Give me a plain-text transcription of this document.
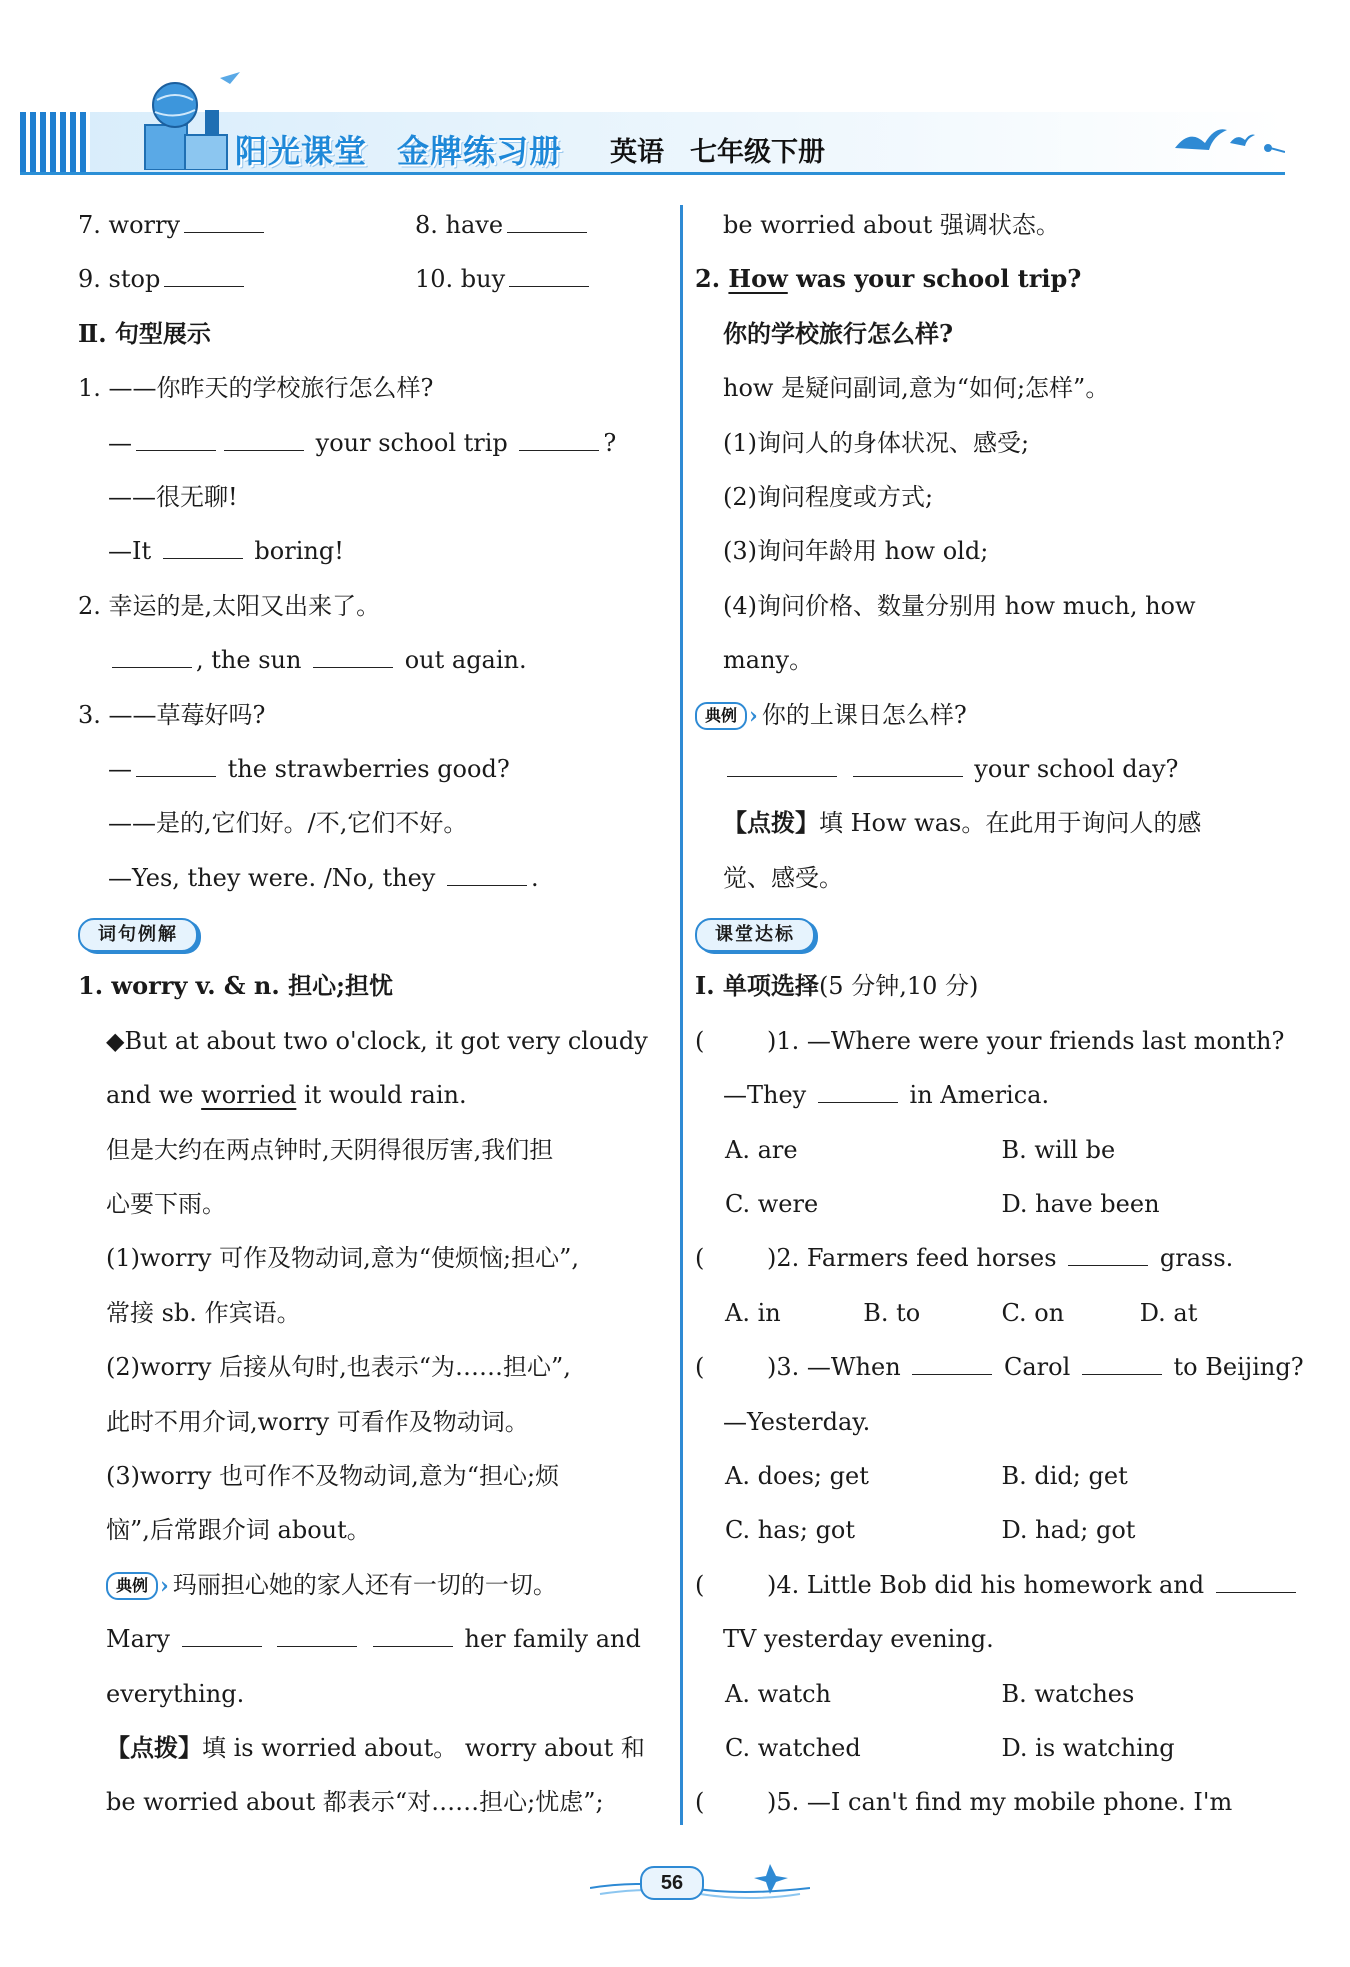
阳光课堂 金牌练习册 英语 七年级下册
7. worry	8. have
9. stop	10. buy
Ⅱ. 句型展示
1. ——你昨天的学校旅行怎么样?
—	your school trip	?
——很无聊!
—It	boring!
2. 幸运的是,太阳又出来了。
, the sun	out again.
3. ——草莓好吗?
—	the strawberries good?
——是的,它们好。/不,它们不好。
—Yes, they were. /No, they	.
词句例解
1. worry v. & n. 担心;担忧
◆But at about two o'clock, it got very cloudy
and we worried it would rain.
但是大约在两点钟时,天阴得很厉害,我们担
心要下雨。
(1)worry 可作及物动词,意为“使烦恼;担心”,
常接 sb. 作宾语。
(2)worry 后接从句时,也表示“为……担心”,
此时不用介词,worry 可看作及物动词。
(3)worry 也可作不及物动词,意为“担心;烦
恼”,后常跟介词 about。
典例 › 玛丽担心她的家人还有一切的一切。
Mary	her family and
everything.
【点拨】填 is worried about。 worry about 和
be worried about 都表示“对……担心;忧虑”;
be worried about 强调状态。
2. How was your school trip?
你的学校旅行怎么样?
how 是疑问副词,意为“如何;怎样”。
(1)询问人的身体状况、感受;
(2)询问程度或方式;
(3)询问年龄用 how old;
(4)询问价格、数量分别用 how much, how
many。
典例 › 你的上课日怎么样?
your school day?
【点拨】填 How was。在此用于询问人的感
觉、感受。
课堂达标
Ⅰ. 单项选择(5 分钟,10 分)
(	)1. —Where were your friends last month?
—They	in America.
A. are	B. will be
C. were	D. have been
(	)2. Farmers feed horses	grass.
A. in	B. to	C. on	D. at
(	)3. —When	Carol	to Beijing?
—Yesterday.
A. does; get	B. did; get
C. has; got	D. had; got
(	)4. Little Bob did his homework and
TV yesterday evening.
A. watch	B. watches
C. watched	D. is watching
(	)5. —I can't find my mobile phone. I'm
56
